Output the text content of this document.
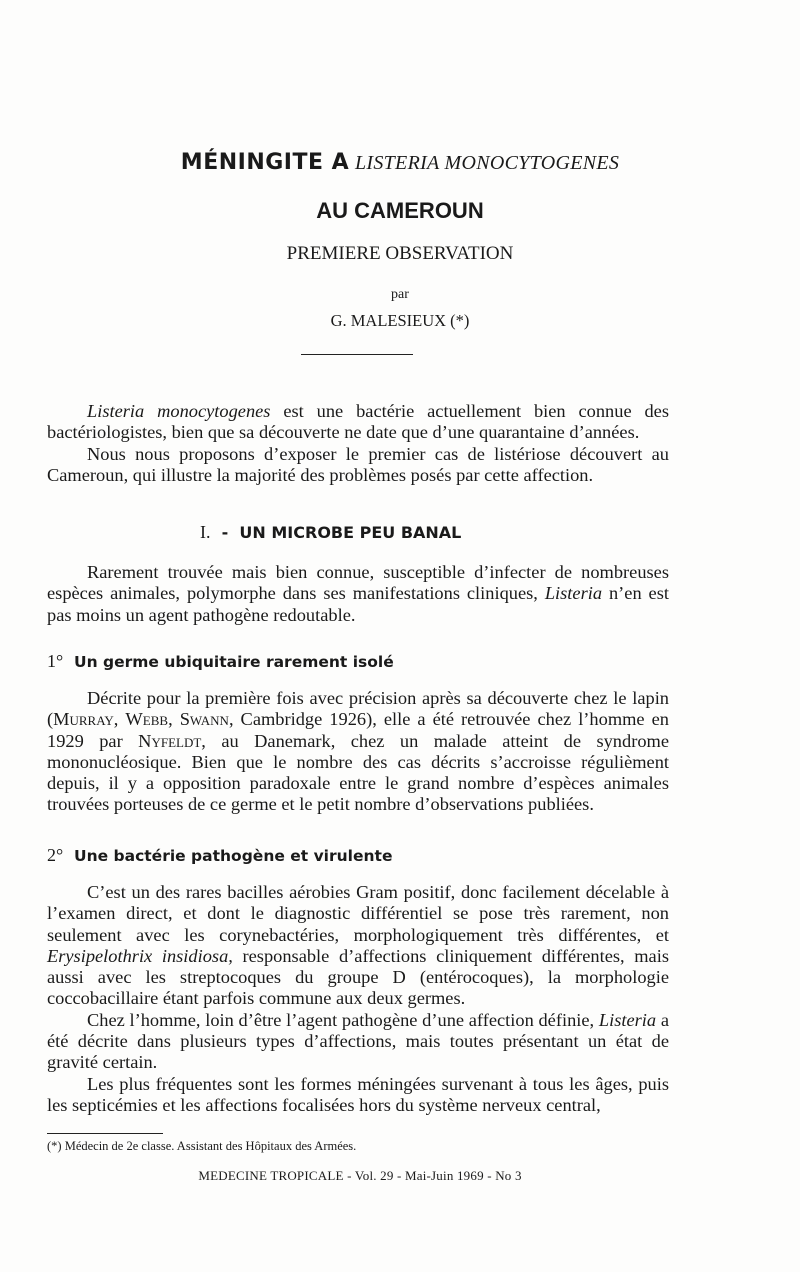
MÉNINGITE A LISTERIA MONOCYTOGENES
AU CAMEROUN
PREMIERE OBSERVATION
par
G. MALESIEUX (*)

Listeria monocytogenes est une bactérie actuellement bien connue des bactériologistes, bien que sa découverte ne date que d’une quarantaine d’années.

Nous nous proposons d’exposer le premier cas de listériose découvert au Cameroun, qui illustre la majorité des problèmes posés par cette affection.

I. - UN MICROBE PEU BANAL

Rarement trouvée mais bien connue, susceptible d’infecter de nombreuses espèces animales, polymorphe dans ses manifestations cliniques, Listeria n’en est pas moins un agent pathogène redoutable.

1° Un germe ubiquitaire rarement isolé

Décrite pour la première fois avec précision après sa découverte chez le lapin (Murray, Webb, Swann, Cambridge 1926), elle a été retrouvée chez l’homme en 1929 par Nyfeldt, au Danemark, chez un malade atteint de syndrome mononucléosique. Bien que le nombre des cas décrits s’accroisse régulièment depuis, il y a opposition paradoxale entre le grand nombre d’espèces animales trouvées porteuses de ce germe et le petit nombre d’observations publiées.

2° Une bactérie pathogène et virulente

C’est un des rares bacilles aérobies Gram positif, donc facilement décelable à l’examen direct, et dont le diagnostic différentiel se pose très rarement, non seulement avec les corynebactéries, morphologiquement très différentes, et Erysipelothrix insidiosa, responsable d’affections cliniquement différentes, mais aussi avec les streptocoques du groupe D (entérocoques), la morphologie coccobacillaire étant parfois commune aux deux germes.

Chez l’homme, loin d’être l’agent pathogène d’une affection définie, Listeria a été décrite dans plusieurs types d’affections, mais toutes présentant un état de gravité certain.

Les plus fréquentes sont les formes méningées survenant à tous les âges, puis les septicémies et les affections focalisées hors du système nerveux central,

(*) Médecin de 2e classe. Assistant des Hôpitaux des Armées.
MEDECINE TROPICALE - Vol. 29 - Mai-Juin 1969 - No 3
